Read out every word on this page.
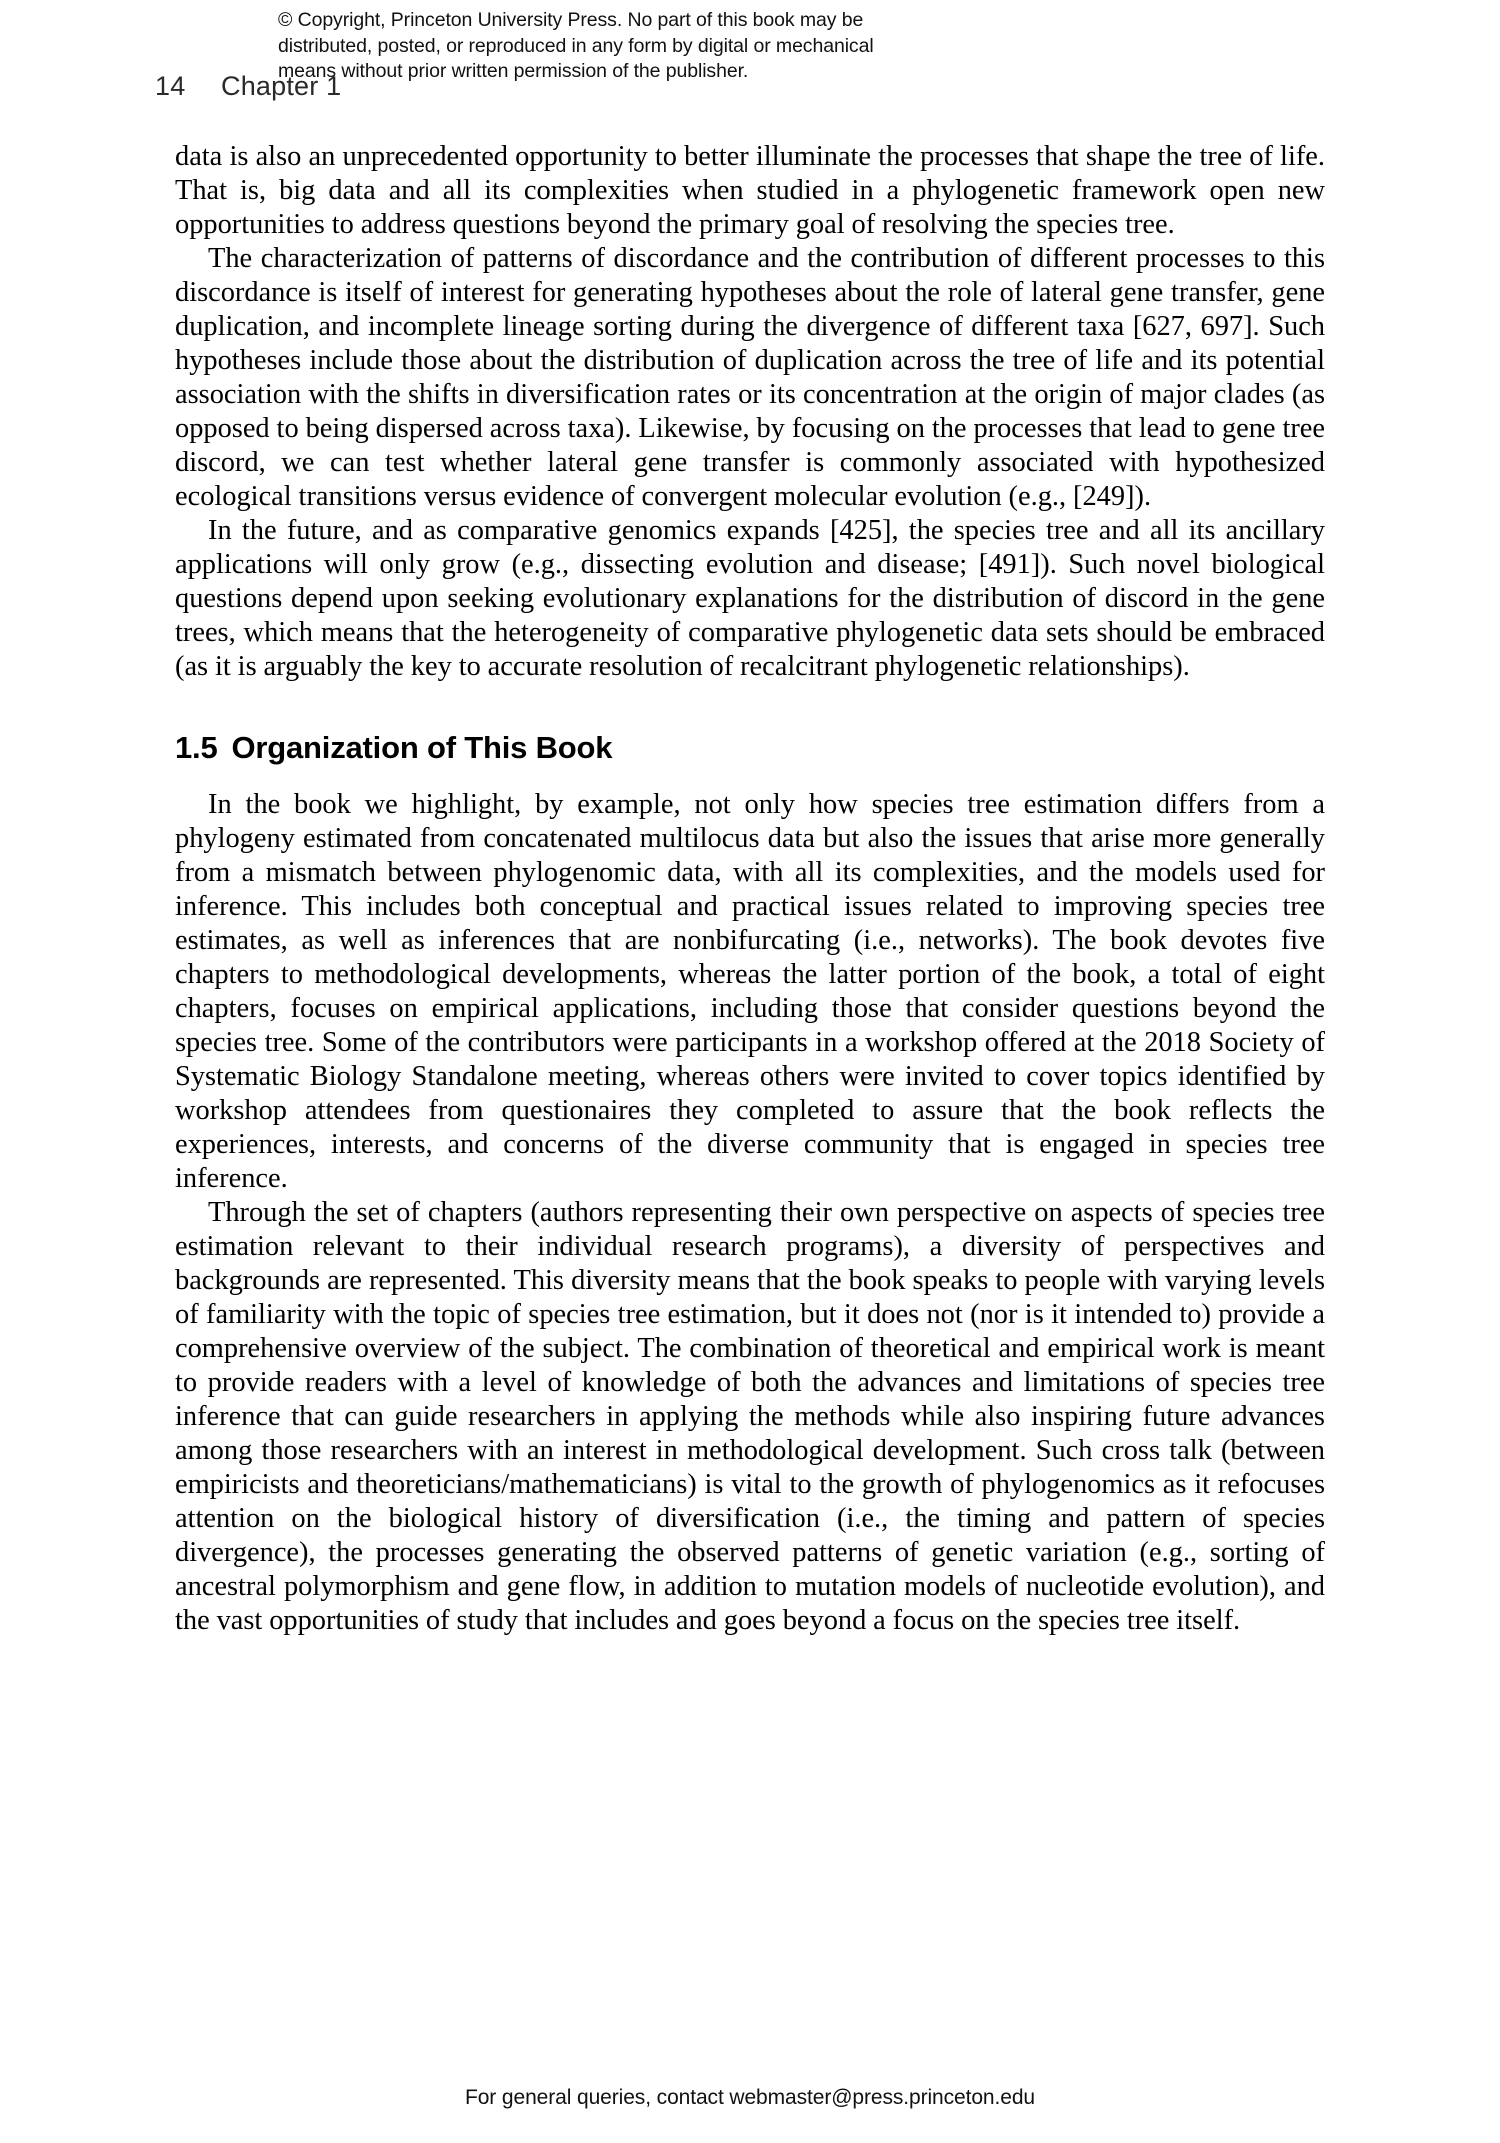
© Copyright, Princeton University Press. No part of this book may be
distributed, posted, or reproduced in any form by digital or mechanical
means without prior written permission of the publisher.
14 Chapter 1

data is also an unprecedented opportunity to better illuminate the processes that shape the tree of life. That is, big data and all its complexities when studied in a phylogenetic framework open new opportunities to address questions beyond the primary goal of resolving the species tree.

The characterization of patterns of discordance and the contribution of different processes to this discordance is itself of interest for generating hypotheses about the role of lateral gene transfer, gene duplication, and incomplete lineage sorting during the divergence of different taxa [627, 697]. Such hypotheses include those about the distribution of duplication across the tree of life and its potential association with the shifts in diversification rates or its concentration at the origin of major clades (as opposed to being dispersed across taxa). Likewise, by focusing on the processes that lead to gene tree discord, we can test whether lateral gene transfer is commonly associated with hypothesized ecological transitions versus evidence of convergent molecular evolution (e.g., [249]).

In the future, and as comparative genomics expands [425], the species tree and all its ancillary applications will only grow (e.g., dissecting evolution and disease; [491]). Such novel biological questions depend upon seeking evolutionary explanations for the distribution of discord in the gene trees, which means that the heterogeneity of comparative phylogenetic data sets should be embraced (as it is arguably the key to accurate resolution of recalcitrant phylogenetic relationships).

1.5 Organization of This Book

In the book we highlight, by example, not only how species tree estimation differs from a phylogeny estimated from concatenated multilocus data but also the issues that arise more generally from a mismatch between phylogenomic data, with all its complexities, and the models used for inference. This includes both conceptual and practical issues related to improving species tree estimates, as well as inferences that are nonbifurcating (i.e., networks). The book devotes five chapters to methodological developments, whereas the latter portion of the book, a total of eight chapters, focuses on empirical applications, including those that consider questions beyond the species tree. Some of the contributors were participants in a workshop offered at the 2018 Society of Systematic Biology Standalone meeting, whereas others were invited to cover topics identified by workshop attendees from questionaires they completed to assure that the book reflects the experiences, interests, and concerns of the diverse community that is engaged in species tree inference.

Through the set of chapters (authors representing their own perspective on aspects of species tree estimation relevant to their individual research programs), a diversity of perspectives and backgrounds are represented. This diversity means that the book speaks to people with varying levels of familiarity with the topic of species tree estimation, but it does not (nor is it intended to) provide a comprehensive overview of the subject. The combination of theoretical and empirical work is meant to provide readers with a level of knowledge of both the advances and limitations of species tree inference that can guide researchers in applying the methods while also inspiring future advances among those researchers with an interest in methodological development. Such cross talk (between empiricists and theoreticians/mathematicians) is vital to the growth of phylogenomics as it refocuses attention on the biological history of diversification (i.e., the timing and pattern of species divergence), the processes generating the observed patterns of genetic variation (e.g., sorting of ancestral polymorphism and gene flow, in addition to mutation models of nucleotide evolution), and the vast opportunities of study that includes and goes beyond a focus on the species tree itself.

For general queries, contact webmaster@press.princeton.edu
